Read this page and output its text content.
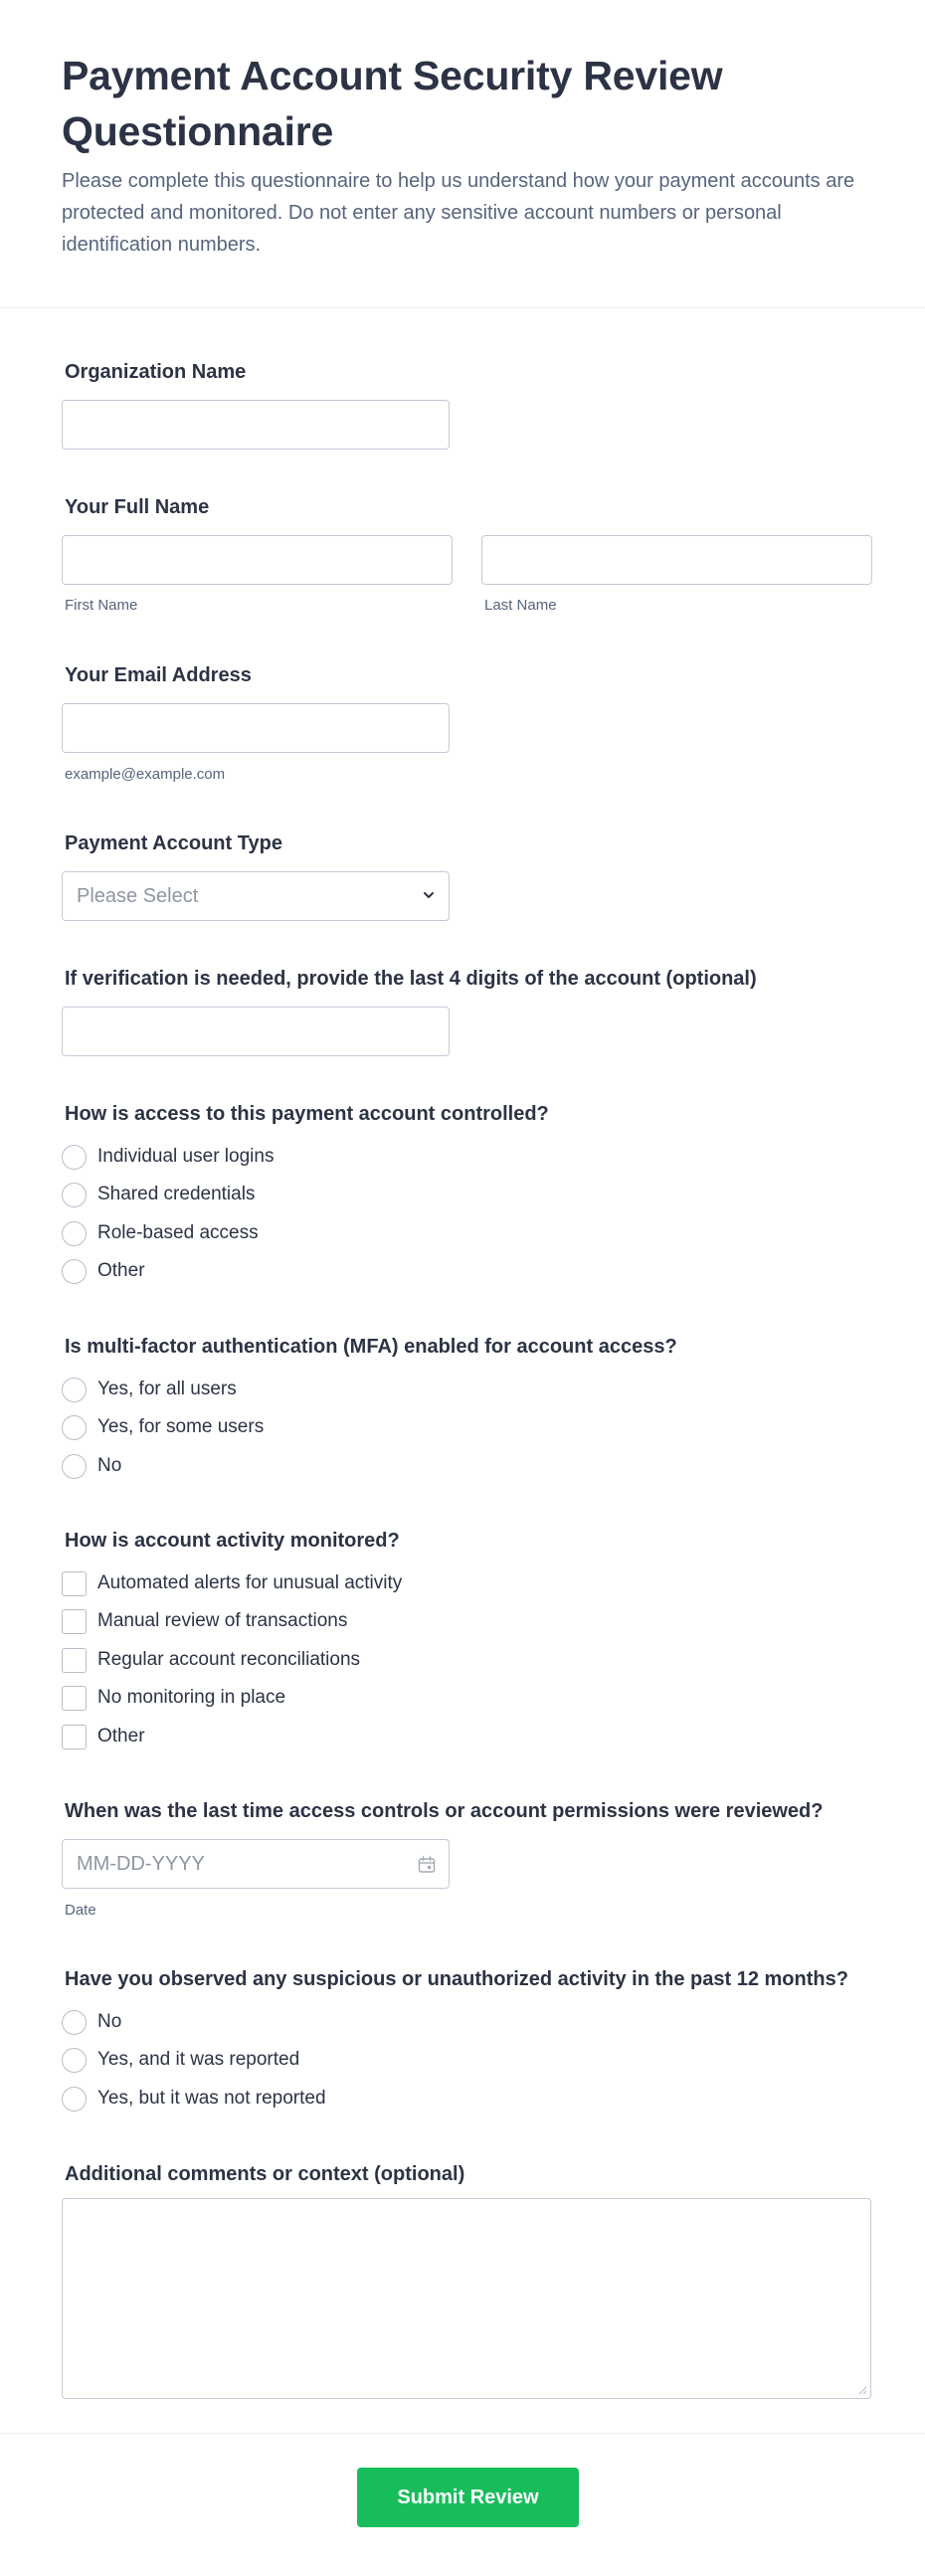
Payment Account Security Review Questionnaire

Please complete this questionnaire to help us understand how your payment accounts are protected and monitored. Do not enter any sensitive account numbers or personal identification numbers.

Organization Name
Your Full Name
First Name	Last Name
Your Email Address
example@example.com
Payment Account Type
Please Select
If verification is needed, provide the last 4 digits of the account (optional)
How is access to this payment account controlled?
Individual user logins
Shared credentials
Role-based access
Other
Is multi-factor authentication (MFA) enabled for account access?
Yes, for all users
Yes, for some users
No
How is account activity monitored?
Automated alerts for unusual activity
Manual review of transactions
Regular account reconciliations
No monitoring in place
Other
When was the last time access controls or account permissions were reviewed?
MM-DD-YYYY
Date
Have you observed any suspicious or unauthorized activity in the past 12 months?
No
Yes, and it was reported
Yes, but it was not reported
Additional comments or context (optional)
Submit Review
